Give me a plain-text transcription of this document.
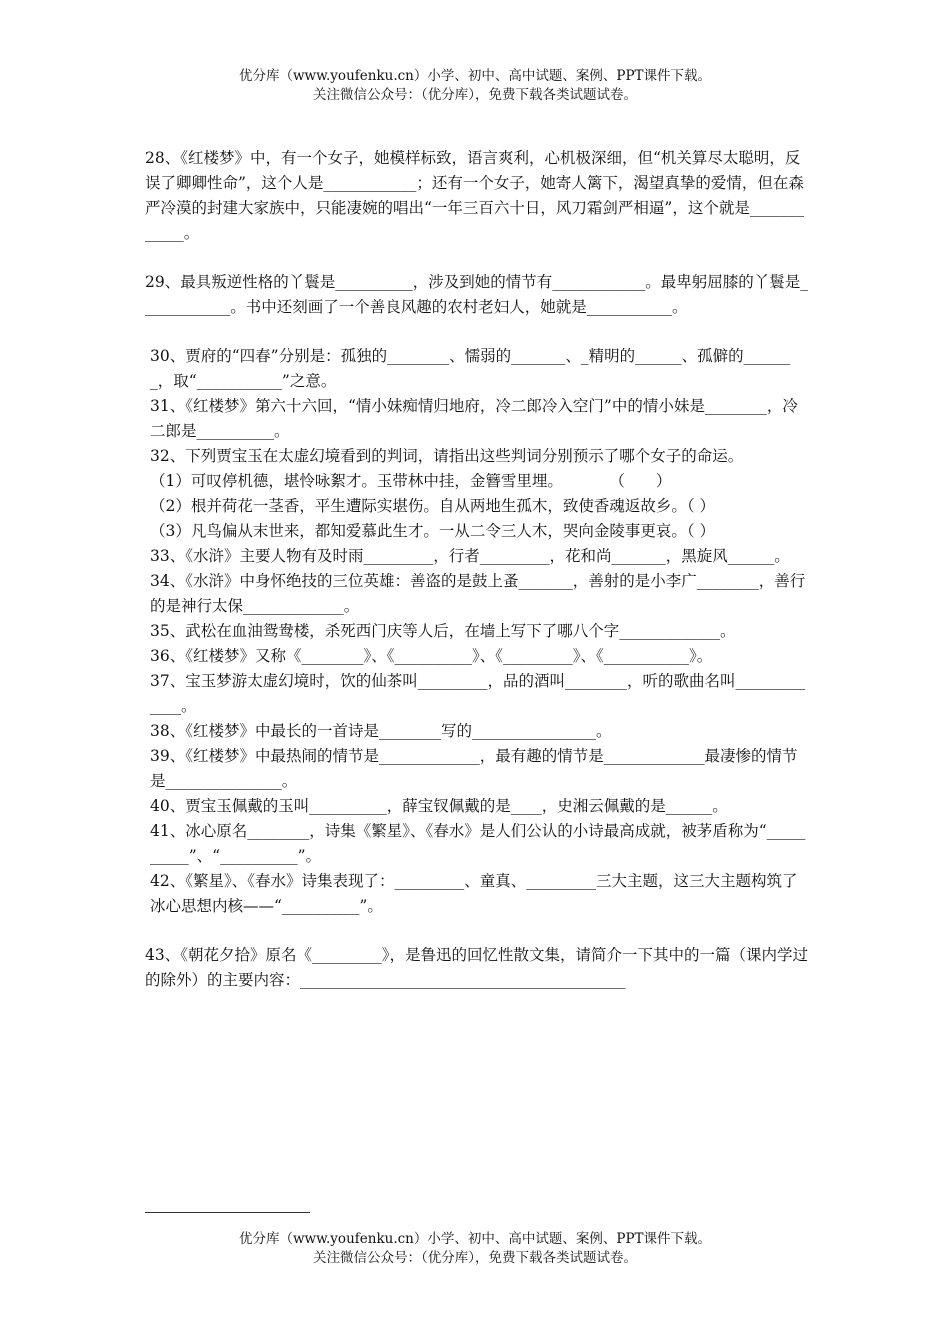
优分库（www.youfenku.cn）小学、初中、高中试题、案例、PPT课件下载。
关注微信公众号：（优分库），免费下载各类试题试卷。

28、《红楼梦》中，有一个女子，她模样标致，语言爽利，心机极深细，但“机关算尽太聪明，反误了卿卿性命”，这个人是____________；还有一个女子，她寄人篱下，渴望真挚的爱情，但在森严冷漠的封建大家族中，只能凄婉的唱出“一年三百六十日，风刀霜剑严相逼”，这个就是____________。

29、最具叛逆性格的丫鬟是__________，涉及到她的情节有____________。最卑躬屈膝的丫鬟是____________。书中还刻画了一个善良风趣的农村老妇人，她就是___________。

30、贾府的“四春”分别是：孤独的________、懦弱的_______、_精明的______、孤僻的_______，取“___________”之意。

31、《红楼梦》第六十六回，“情小妹痴情归地府，冷二郎冷入空门”中的情小妹是________，冷二郎是__________。

32、下列贾宝玉在太虚幻境看到的判词，请指出这些判词分别预示了哪个女子的命运。

（1）可叹停机德，堪怜咏絮才。玉带林中挂，金簪雪里埋。　　　　（　　）

（2）根并荷花一茎香，平生遭际实堪伤。自从两地生孤木，致使香魂返故乡。（ ）

（3）凡鸟偏从末世来，都知爱慕此生才。一从二令三人木，哭向金陵事更哀。（ ）

33、《水浒》主要人物有及时雨_________，行者_________，花和尚_______，黑旋风______。

34、《水浒》中身怀绝技的三位英雄：善盗的是鼓上蚤_______，善射的是小李广________，善行的是神行太保_____________。

35、武松在血油鸳鸯楼，杀死西门庆等人后，在墙上写下了哪八个字_____________。

36、《红楼梦》又称《________》、《__________》、《_________》、《___________》。

37、宝玉梦游太虚幻境时，饮的仙茶叫_________，品的酒叫________，听的歌曲名叫_____________。

38、《红楼梦》中最长的一首诗是________写的________________。

39、《红楼梦》中最热闹的情节是_____________，最有趣的情节是_____________最凄惨的情节是_______________。

40、贾宝玉佩戴的玉叫__________，薛宝钗佩戴的是____，史湘云佩戴的是______。

41、冰心原名________，诗集《繁星》、《春水》是人们公认的小诗最高成就，被茅盾称为“__________”、“__________”。

42、《繁星》、《春水》诗集表现了：_________、童真、_________三大主题，这三大主题构筑了冰心思想内核——“__________”。

43、《朝花夕拾》原名《_________》，是鲁迅的回忆性散文集，请简介一下其中的一篇（课内学过的除外）的主要内容：__________________________________________

优分库（www.youfenku.cn）小学、初中、高中试题、案例、PPT课件下载。
关注微信公众号：（优分库），免费下载各类试题试卷。
